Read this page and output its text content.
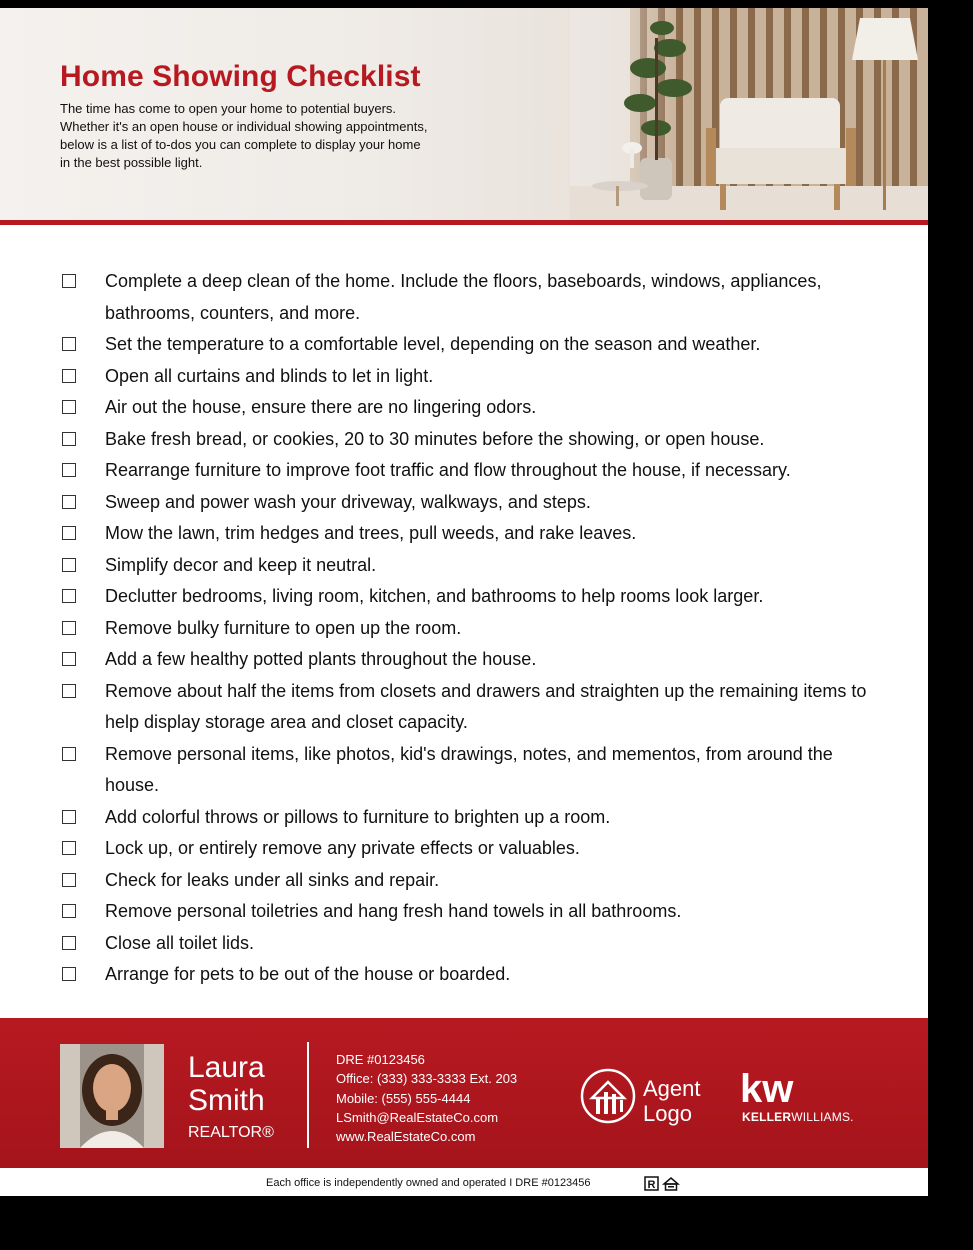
Home Showing Checklist

The time has come to open your home to potential buyers. Whether it's an open house or individual showing appointments, below is a list of to-dos you can complete to display your home in the best possible light.

Complete a deep clean of the home. Include the floors, baseboards, windows, appliances, bathrooms, counters, and more.
Set the temperature to a comfortable level, depending on the season and weather.
Open all curtains and blinds to let in light.
Air out the house, ensure there are no lingering odors.
Bake fresh bread, or cookies, 20 to 30 minutes before the showing, or open house.
Rearrange furniture to improve foot traffic and flow throughout the house, if necessary.
Sweep and power wash your driveway, walkways, and steps.
Mow the lawn, trim hedges and trees, pull weeds, and rake leaves.
Simplify decor and keep it neutral.
Declutter bedrooms, living room, kitchen, and bathrooms to help rooms look larger.
Remove bulky furniture to open up the room.
Add a few healthy potted plants throughout the house.
Remove about half the items from closets and drawers and straighten up the remaining items to help display storage area and closet capacity.
Remove personal items, like photos, kid's drawings, notes, and mementos, from around the house.
Add colorful throws or pillows to furniture to brighten up a room.
Lock up, or entirely remove any private effects or valuables.
Check for leaks under all sinks and repair.
Remove personal toiletries and hang fresh hand towels in all bathrooms.
Close all toilet lids.
Arrange for pets to be out of the house or boarded.

Laura

Smith

REALTOR®
DRE #0123456
Office: (333) 333-3333 Ext. 203
Mobile: (555) 555-4444
LSmith@RealEstateCo.com
www.RealEstateCo.com
Agent
Logo
kw
KELLERWILLIAMS.
Each office is independently owned and operated I DRE #0123456	R
